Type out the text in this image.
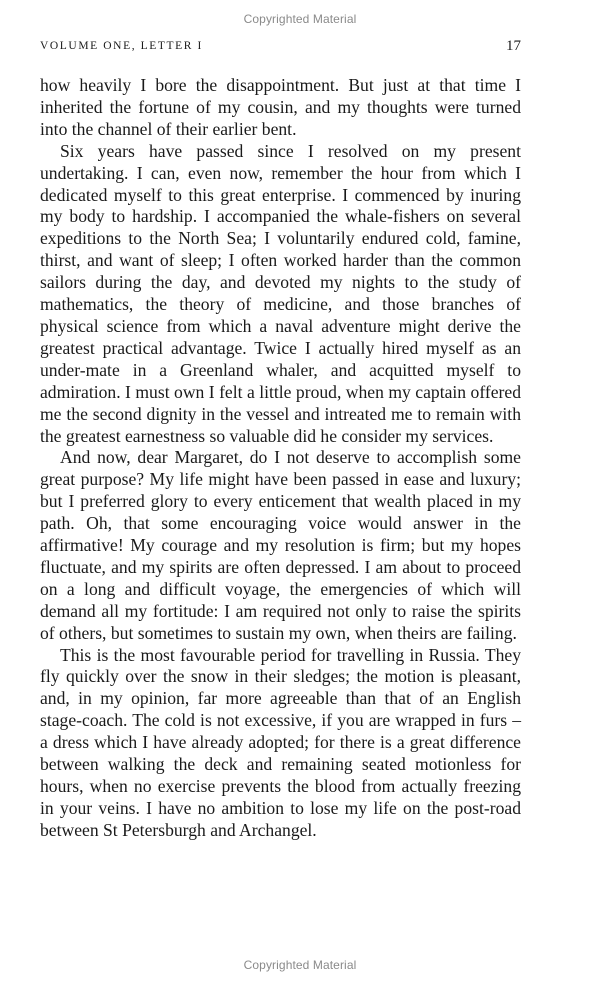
Copyrighted Material
VOLUME ONE, LETTER I	17

how heavily I bore the disappointment. But just at that time I inherited the fortune of my cousin, and my thoughts were turned into the channel of their earlier bent.

Six years have passed since I resolved on my present undertaking. I can, even now, remember the hour from which I dedicated myself to this great enterprise. I commenced by inuring my body to hardship. I accompanied the whale-fishers on several expeditions to the North Sea; I voluntarily endured cold, famine, thirst, and want of sleep; I often worked harder than the common sailors during the day, and devoted my nights to the study of mathematics, the theory of medicine, and those branches of physical science from which a naval adventure might derive the greatest practical advantage. Twice I actually hired myself as an under-mate in a Greenland whaler, and acquitted myself to admiration. I must own I felt a little proud, when my captain offered me the second dignity in the vessel and intreated me to remain with the greatest earnestness so valuable did he consider my services.

And now, dear Margaret, do I not deserve to accomplish some great purpose? My life might have been passed in ease and luxury; but I preferred glory to every enticement that wealth placed in my path. Oh, that some encouraging voice would answer in the affirmative! My courage and my resolution is firm; but my hopes fluctuate, and my spirits are often depressed. I am about to proceed on a long and difficult voyage, the emergencies of which will demand all my fortitude: I am required not only to raise the spirits of others, but sometimes to sustain my own, when theirs are failing.

This is the most favourable period for travelling in Russia. They fly quickly over the snow in their sledges; the motion is pleasant, and, in my opinion, far more agreeable than that of an English stage-coach. The cold is not excessive, if you are wrapped in furs – a dress which I have already adopted; for there is a great difference between walking the deck and remaining seated motionless for hours, when no exercise prevents the blood from actually freezing in your veins. I have no ambition to lose my life on the post-road between St Petersburgh and Archangel.

Copyrighted Material
